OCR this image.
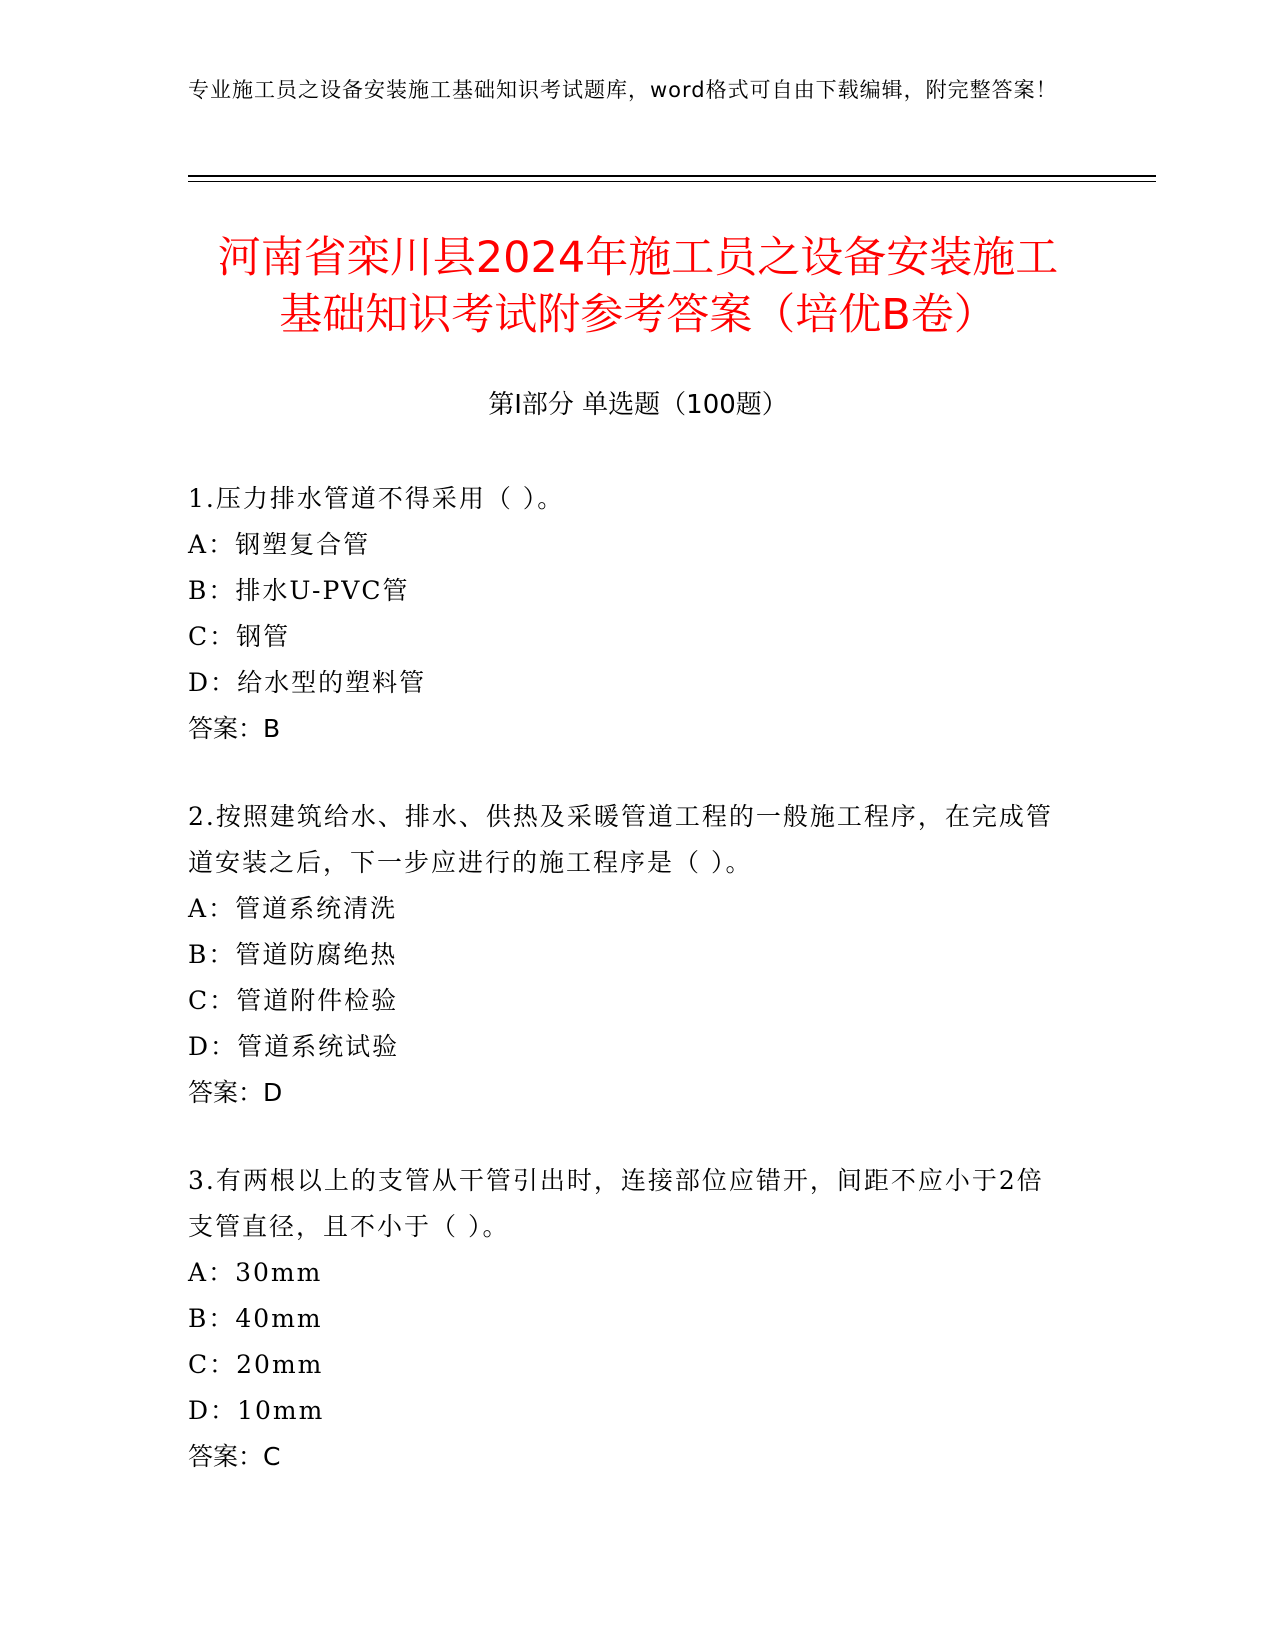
专业施工员之设备安装施工基础知识考试题库，word格式可自由下载编辑，附完整答案！
河南省栾川县2024年施工员之设备安装施工
基础知识考试附参考答案（培优B卷）
第Ⅰ部分 单选题（100题）
1.压力排水管道不得采用（ ）。
A：钢塑复合管
B：排水U-PVC管
C：钢管
D：给水型的塑料管
答案：B
2.按照建筑给水、排水、供热及采暖管道工程的一般施工程序，在完成管道安装之后，下一步应进行的施工程序是（ ）。
A：管道系统清洗
B：管道防腐绝热
C：管道附件检验
D：管道系统试验
答案：D
3.有两根以上的支管从干管引出时，连接部位应错开，间距不应小于2倍支管直径，且不小于（ ）。
A：30mm
B：40mm
C：20mm
D：10mm
答案：C
